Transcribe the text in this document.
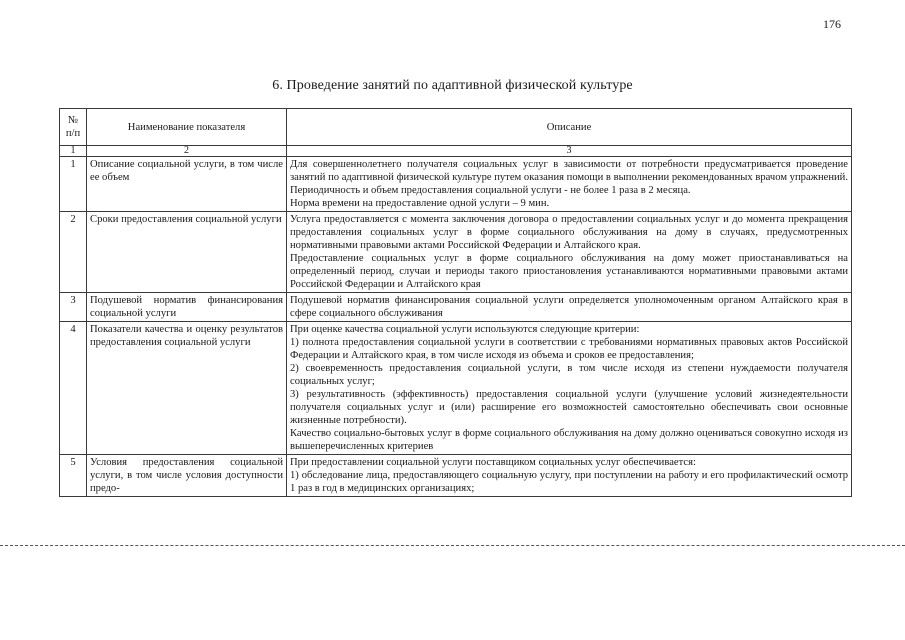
176
6. Проведение занятий по адаптивной физической культуре
№ п/п	Наименование показателя	Описание
1	2	3
1	Описание социальной услуги, в том числе ее объем	Для совершеннолетнего получателя социальных услуг в зависимости от потребности предусматривается проведение занятий по адаптивной физической культуре путем оказания помощи в выполнении рекомендованных врачом упражнений. Периодичность и объем предоставления социальной услуги - не более 1 раза в 2 месяца.
Норма времени на предоставление одной услуги – 9 мин.

2	Сроки предоставления социальной услуги	Услуга предоставляется с момента заключения договора о предоставлении социальных услуг и до момента прекращения предоставления социальных услуг в форме социального обслуживания на дому в случаях, предусмотренных нормативными правовыми актами Российской Федерации и Алтайского края.
Предоставление социальных услуг в форме социального обслуживания на дому может приостанавливаться на определенный период, случаи и периоды такого приостановления устанавливаются нормативными правовыми актами Российской Федерации и Алтайского края

3	Подушевой норматив финансирования социальной услуги	Подушевой норматив финансирования социальной услуги определяется уполномоченным органом Алтайского края в сфере социального обслуживания

4	Показатели качества и оценку результатов предоставления социальной услуги	При оценке качества социальной услуги используются следующие критерии:
1) полнота предоставления социальной услуги в соответствии с требованиями нормативных правовых актов Российской Федерации и Алтайского края, в том числе исходя из объема и сроков ее предоставления;
2) своевременность предоставления социальной услуги, в том числе исходя из степени нуждаемости получателя социальных услуг;
3) результативность (эффективность) предоставления социальной услуги (улучшение условий жизнедеятельности получателя социальных услуг и (или) расширение его возможностей самостоятельно обеспечивать свои основные жизненные потребности).
Качество социально-бытовых услуг в форме социального обслуживания на дому должно оцениваться совокупно исходя из вышеперечисленных критериев

5	Условия предоставления социальной услуги, в том числе условия доступности предо-	При предоставлении социальной услуги поставщиком социальных услуг обеспечивается:
1) обследование лица, предоставляющего социальную услугу, при поступлении на работу и его профилактический осмотр 1 раз в год в медицинских организациях;
